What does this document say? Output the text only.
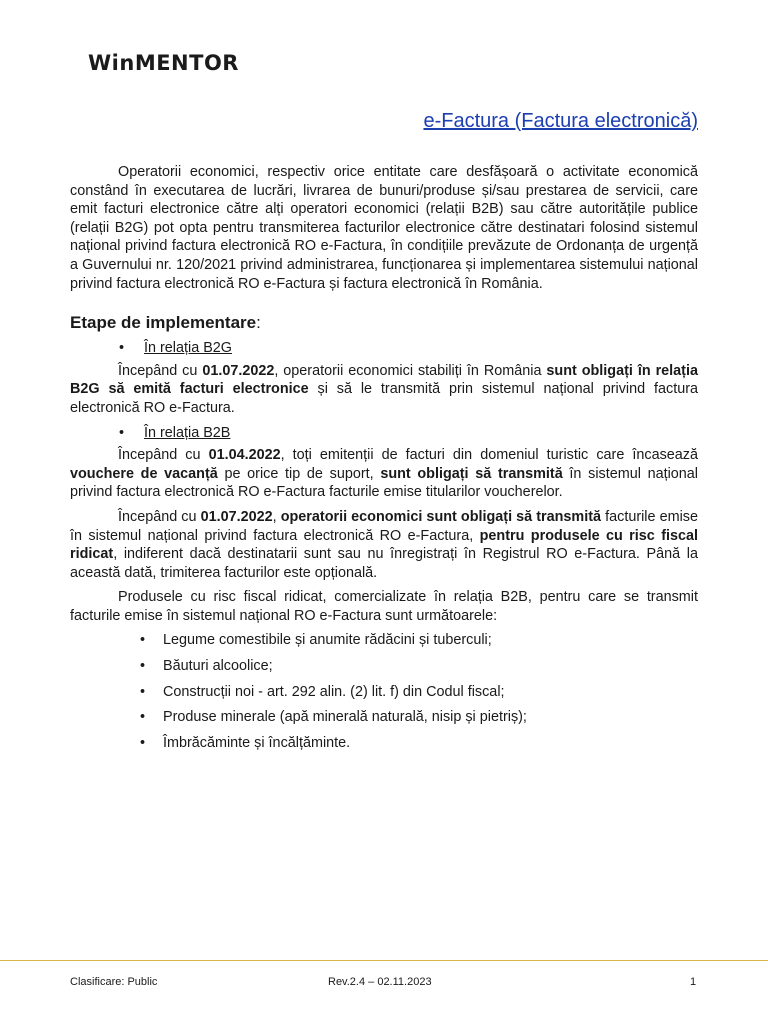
WinMENTOR
e-Factura (Factura electronică)

Operatorii economici, respectiv orice entitate care desfășoară o activitate economică constând în executarea de lucrări, livrarea de bunuri/produse și/sau prestarea de servicii, care emit facturi electronice către alți operatori economici (relații B2B) sau către autoritățile publice (relații B2G) pot opta pentru transmiterea facturilor electronice către destinatari folosind sistemul național privind factura electronică RO e-Factura, în condițiile prevăzute de Ordonanța de urgență a Guvernului nr. 120/2021 privind administrarea, funcționarea și implementarea sistemului național privind factura electronică RO e-Factura și factura electronică în România.

Etape de implementare:
• În relația B2G

Începând cu 01.07.2022, operatorii economici stabiliți în România sunt obligați în relația B2G să emită facturi electronice și să le transmită prin sistemul național privind factura electronică RO e-Factura.

• În relația B2B

Începând cu 01.04.2022, toți emitenții de facturi din domeniul turistic care încasează vouchere de vacanță pe orice tip de suport, sunt obligați să transmită în sistemul național privind factura electronică RO e-Factura facturile emise titularilor voucherelor.

Începând cu 01.07.2022, operatorii economici sunt obligați să transmită facturile emise în sistemul național privind factura electronică RO e-Factura, pentru produsele cu risc fiscal ridicat, indiferent dacă destinatarii sunt sau nu înregistrați în Registrul RO e-Factura. Până la această dată, trimiterea facturilor este opțională.

Produsele cu risc fiscal ridicat, comercializate în relația B2B, pentru care se transmit facturile emise în sistemul național RO e-Factura sunt următoarele:

• Legume comestibile și anumite rădăcini și tuberculi;
• Băuturi alcoolice;
• Construcții noi - art. 292 alin. (2) lit. f) din Codul fiscal;
• Produse minerale (apă minerală naturală, nisip și pietriș);
• Îmbrăcăminte și încălțăminte.
Clasificare: Public	Rev.2.4 – 02.11.2023	1
